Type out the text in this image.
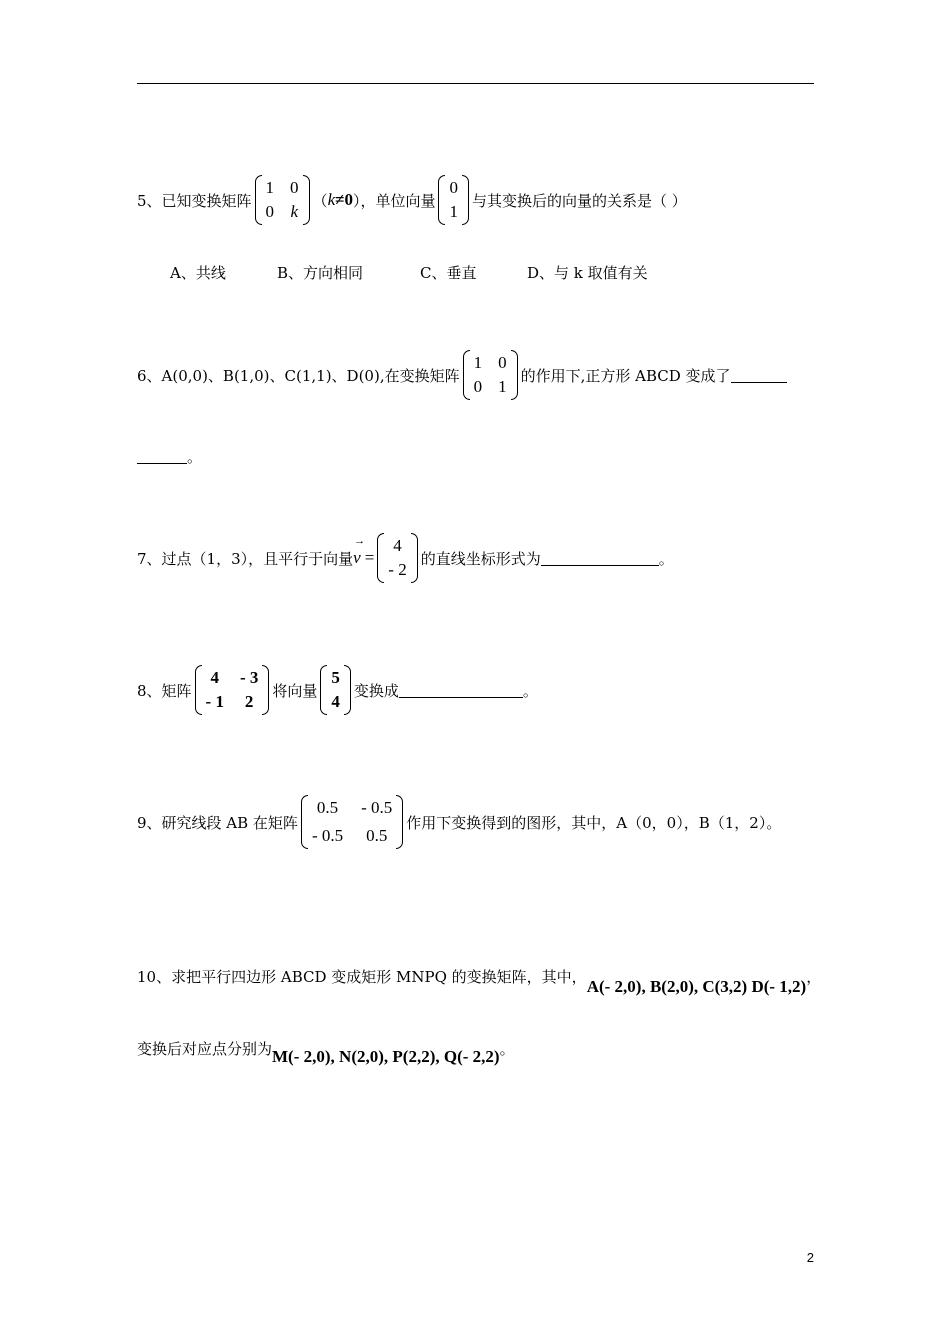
5、已知变换矩阵
1 0
0 k
（ k ≠0 ），单位向量
0
1
与其变换后的向量的关系是（ ）
A、共线	B、方向相同	C、垂直	D、与 k 取值有关
6、A(0,0)、B(1,0)、C(1,1)、D(0),在变换矩阵
1 0
0 1
的作用下,正方形 ABCD 变成了
。
7、过点（1，3），且平行于向量
→ v =
4
- 2
的直线坐标形式为	。
8、矩阵
4 - 3
- 1 2
将向量
5
4
变换成	。
9、研究线段 AB 在矩阵
0.5 - 0.5
- 0.5 0.5
作用下变换得到的图形，其中，A（0，0），B（1，2）。
10、求把平行四边形 ABCD 变成矩形 MNPQ 的变换矩阵，其中， A(- 2,0), B(2,0), C(3,2) D(- 1,2) ，
变换后对应点分别为 M(- 2,0), N(2,0), P(2,2), Q(- 2,2) 。
2
